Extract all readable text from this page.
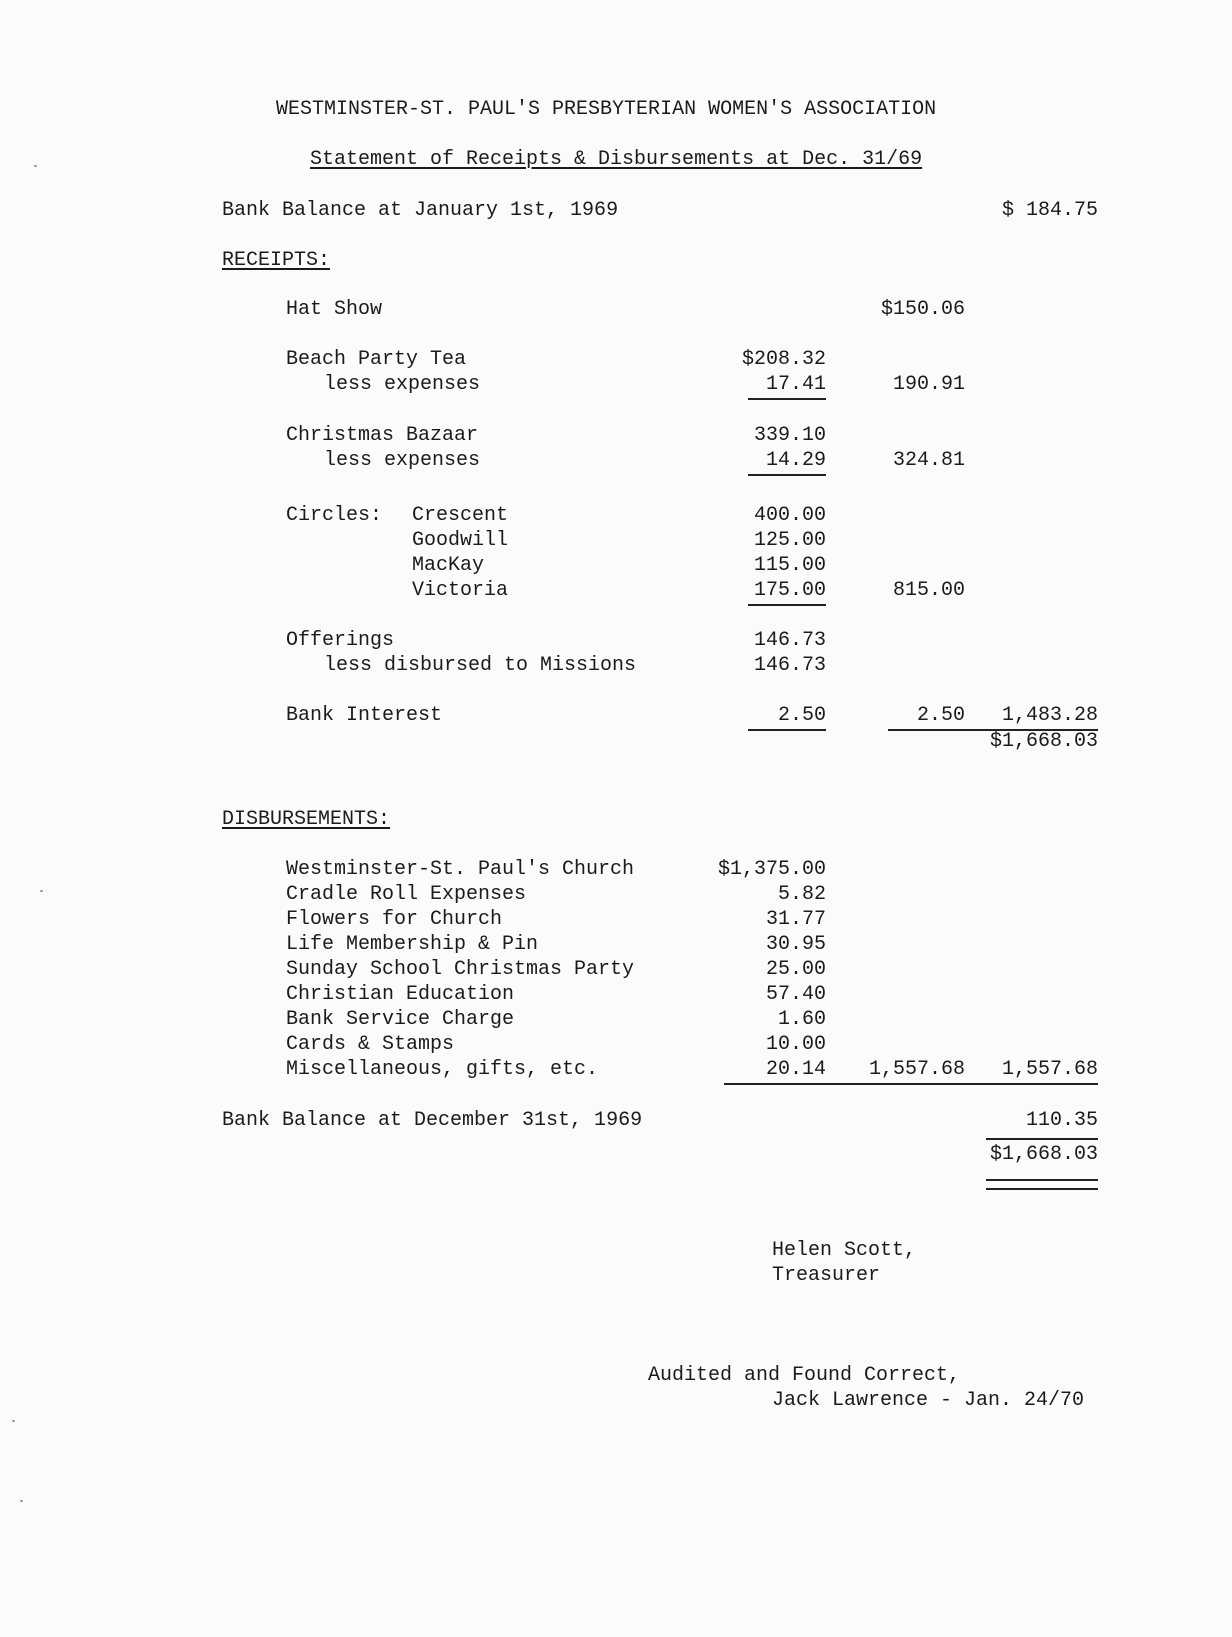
WESTMINSTER-ST. PAUL'S PRESBYTERIAN WOMEN'S ASSOCIATION
Statement of Receipts & Disbursements at Dec. 31/69
Bank Balance at January 1st, 1969	$ 184.75
RECEIPTS:
Hat Show	$150.06
Beach Party Tea	$208.32
less expenses	17.41	190.91
Christmas Bazaar	339.10
less expenses	14.29	324.81
Circles: Crescent	400.00
Goodwill	125.00
MacKay	115.00
Victoria	175.00	815.00
Offerings	146.73
less disbursed to Missions	146.73
Bank Interest	2.50	2.50	1,483.28
$1,668.03
DISBURSEMENTS:
Westminster-St. Paul's Church	$1,375.00
Cradle Roll Expenses	5.82
Flowers for Church	31.77
Life Membership & Pin	30.95
Sunday School Christmas Party	25.00
Christian Education	57.40
Bank Service Charge	1.60
Cards & Stamps	10.00
Miscellaneous, gifts, etc.	20.14	1,557.68	1,557.68
Bank Balance at December 31st, 1969	110.35
$1,668.03
Helen Scott,
Treasurer
Audited and Found Correct,
Jack Lawrence - Jan. 24/70
